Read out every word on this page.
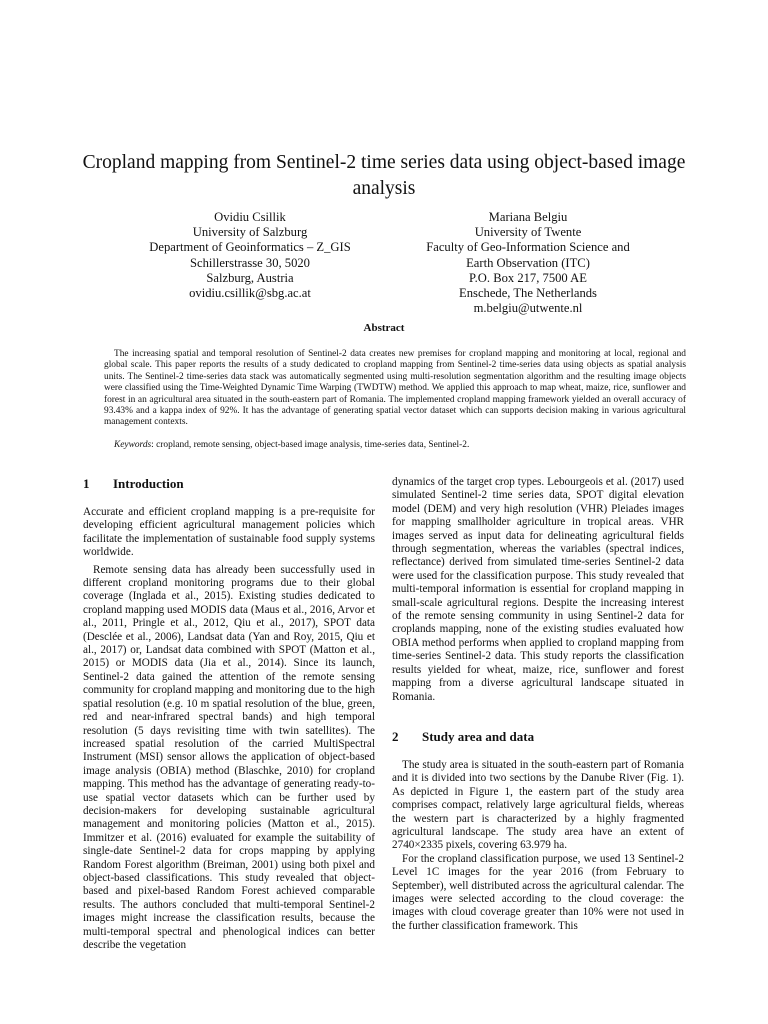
Cropland mapping from Sentinel-2 time series data using object-based image analysis
Ovidiu Csillik
University of Salzburg
Department of Geoinformatics – Z_GIS
Schillerstrasse 30, 5020
Salzburg, Austria
ovidiu.csillik@sbg.ac.at
Mariana Belgiu
University of Twente
Faculty of Geo-Information Science and
Earth Observation (ITC)
P.O. Box 217, 7500 AE
Enschede, The Netherlands
m.belgiu@utwente.nl
Abstract

The increasing spatial and temporal resolution of Sentinel-2 data creates new premises for cropland mapping and monitoring at local, regional and global scale. This paper reports the results of a study dedicated to cropland mapping from Sentinel-2 time-series data using objects as spatial analysis units. The Sentinel-2 time-series data stack was automatically segmented using multi-resolution segmentation algorithm and the resulting image objects were classified using the Time-Weighted Dynamic Time Warping (TWDTW) method. We applied this approach to map wheat, maize, rice, sunflower and forest in an agricultural area situated in the south-eastern part of Romania. The implemented cropland mapping framework yielded an overall accuracy of 93.43% and a kappa index of 92%. It has the advantage of generating spatial vector dataset which can supports decision making in various agricultural management contexts.

Keywords: cropland, remote sensing, object-based image analysis, time-series data, Sentinel-2.

1	Introduction

Accurate and efficient cropland mapping is a pre-requisite for developing efficient agricultural management policies which facilitate the implementation of sustainable food supply systems worldwide.

Remote sensing data has already been successfully used in different cropland monitoring programs due to their global coverage (Inglada et al., 2015). Existing studies dedicated to cropland mapping used MODIS data (Maus et al., 2016, Arvor et al., 2011, Pringle et al., 2012, Qiu et al., 2017), SPOT data (Desclée et al., 2006), Landsat data (Yan and Roy, 2015, Qiu et al., 2017) or, Landsat data combined with SPOT (Matton et al., 2015) or MODIS data (Jia et al., 2014). Since its launch, Sentinel-2 data gained the attention of the remote sensing community for cropland mapping and monitoring due to the high spatial resolution (e.g. 10 m spatial resolution of the blue, green, red and near-infrared spectral bands) and high temporal resolution (5 days revisiting time with twin satellites). The increased spatial resolution of the carried MultiSpectral Instrument (MSI) sensor allows the application of object-based image analysis (OBIA) method (Blaschke, 2010) for cropland mapping. This method has the advantage of generating ready-to-use spatial vector datasets which can be further used by decision-makers for developing sustainable agricultural management and monitoring policies (Matton et al., 2015). Immitzer et al. (2016) evaluated for example the suitability of single-date Sentinel-2 data for crops mapping by applying Random Forest algorithm (Breiman, 2001) using both pixel and object-based classifications. This study revealed that object-based and pixel-based Random Forest achieved comparable results. The authors concluded that multi-temporal Sentinel-2 images might increase the classification results, because the multi-temporal spectral and phenological indices can better describe the vegetation

dynamics of the target crop types. Lebourgeois et al. (2017) used simulated Sentinel-2 time series data, SPOT digital elevation model (DEM) and very high resolution (VHR) Pleiades images for mapping smallholder agriculture in tropical areas. VHR images served as input data for delineating agricultural fields through segmentation, whereas the variables (spectral indices, reflectance) derived from simulated time-series Sentinel-2 data were used for the classification purpose. This study revealed that multi-temporal information is essential for cropland mapping in small-scale agricultural regions. Despite the increasing interest of the remote sensing community in using Sentinel-2 data for croplands mapping, none of the existing studies evaluated how OBIA method performs when applied to cropland mapping from time-series Sentinel-2 data. This study reports the classification results yielded for wheat, maize, rice, sunflower and forest mapping from a diverse agricultural landscape situated in Romania.

2	Study area and data

The study area is situated in the south-eastern part of Romania and it is divided into two sections by the Danube River (Fig. 1). As depicted in Figure 1, the eastern part of the study area comprises compact, relatively large agricultural fields, whereas the western part is characterized by a highly fragmented agricultural landscape. The study area have an extent of 2740×2335 pixels, covering 63.979 ha.

For the cropland classification purpose, we used 13 Sentinel-2 Level 1C images for the year 2016 (from February to September), well distributed across the agricultural calendar. The images were selected according to the cloud coverage: the images with cloud coverage greater than 10% were not used in the further classification framework. This
